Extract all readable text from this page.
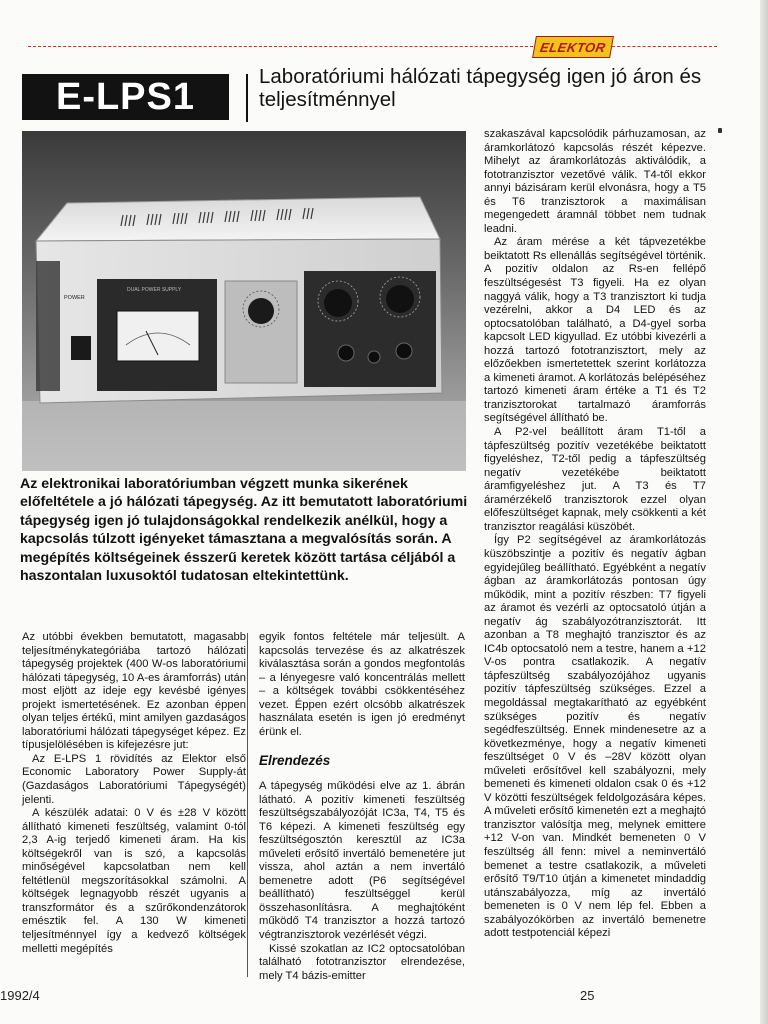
ELEKTOR
E-LPS1	Laboratóriumi hálózati tápegység igen jó áron és teljesítménnyel
POWER
DUAL POWER SUPPLY

Az elektronikai laboratóriumban végzett munka sikerének előfeltétele a jó hálózati tápegység. Az itt bemutatott laboratóriumi tápegység igen jó tulajdonságokkal rendelkezik anélkül, hogy a kapcsolás túlzott igényeket támasztana a megvalósítás során. A megépítés költségeinek ésszerű keretek között tartása céljából a haszontalan luxusoktól tudatosan eltekintettünk.

Az utóbbi években bemutatott, magasabb teljesítménykategóriába tartozó hálózati tápegység projektek (400 W-os laboratóriumi hálózati tápegység, 10 A-es áramforrás) után most eljött az ideje egy kevésbé igényes projekt ismertetésének. Ez azonban éppen olyan teljes értékű, mint amilyen gazdaságos laboratóriumi hálózati tápegységet képez. Ez típusjelölésében is kifejezésre jut:

Az E-LPS 1 rövidítés az Elektor első Economic Laboratory Power Supply-át (Gazdaságos Laboratóriumi Tápegységét) jelenti.

A készülék adatai: 0 V és ±28 V között állítható kimeneti feszültség, valamint 0-tól 2,3 A-ig terjedő kimeneti áram. Ha kis költségekről van is szó, a kapcsolás minőségével kapcsolatban nem kell feltétlenül megszorításokkal számolni. A költségek legnagyobb részét ugyanis a transzformátor és a szűrőkondenzátorok emésztik fel. A 130 W kimeneti teljesítménnyel így a kedvező költségek melletti megépítés

egyik fontos feltétele már teljesült. A kapcsolás tervezése és az alkatrészek kiválasztása során a gondos megfontolás – a lényegesre való koncentrálás mellett – a költségek további csökkentéséhez vezet. Éppen ezért olcsóbb alkatrészek használata esetén is igen jó eredményt érünk el.

Elrendezés

A tápegység működési elve az 1. ábrán látható. A pozitív kimeneti feszültség feszültségszabályozóját IC3a, T4, T5 és T6 képezi. A kimeneti feszültség egy feszültségosztón keresztül az IC3a műveleti erősítő invertáló bemenetére jut vissza, ahol aztán a nem invertáló bemenetre adott (P6 segítségével beállítható) feszültséggel kerül összehasonlításra. A meghajtóként működő T4 tranzisztor a hozzá tartozó végtranzisztorok vezérlését végzi.

Kissé szokatlan az IC2 optocsatolóban található fototranzisztor elrendezése, mely T4 bázis-emitter

szakaszával kapcsolódik párhuzamosan, az áramkorlátozó kapcsolás részét képezve. Mihelyt az áramkorlátozás aktiválódik, a fototranzisztor vezetővé válik. T4-től ekkor annyi bázisáram kerül elvonásra, hogy a T5 és T6 tranzisztorok a maximálisan megengedett áramnál többet nem tudnak leadni.

Az áram mérése a két tápvezetékbe beiktatott Rs ellenállás segítségével történik. A pozitív oldalon az Rs-en fellépő feszültségesést T3 figyeli. Ha ez olyan naggyá válik, hogy a T3 tranzisztort ki tudja vezérelni, akkor a D4 LED és az optocsatolóban található, a D4-gyel sorba kapcsolt LED kigyullad. Ez utóbbi kivezérli a hozzá tartozó fototranzisztort, mely az előzőekben ismertetettek szerint korlátozza a kimeneti áramot. A korlátozás belépéséhez tartozó kimeneti áram értéke a T1 és T2 tranzisztorokat tartalmazó áramforrás segítségével állítható be.

A P2-vel beállított áram T1-től a tápfeszültség pozitív vezetékébe beiktatott figyeléshez, T2-től pedig a tápfeszültség negatív vezetékébe beiktatott áramfigyeléshez jut. A T3 és T7 áramérzékelő tranzisztorok ezzel olyan előfeszültséget kapnak, mely csökkenti a két tranzisztor reagálási küszöbét.

Így P2 segítségével az áramkorlátozás küszöbszintje a pozitív és negatív ágban egyidejűleg beállítható. Egyébként a negatív ágban az áramkorlátozás pontosan úgy működik, mint a pozitív részben: T7 figyeli az áramot és vezérli az optocsatoló útján a negatív ág szabályozótranzisztorát. Itt azonban a T8 meghajtó tranzisztor és az IC4b optocsatoló nem a testre, hanem a +12 V-os pontra csatlakozik. A negatív tápfeszültség szabályozójához ugyanis pozitív tápfeszültség szükséges. Ezzel a megoldással megtakarítható az egyébként szükséges pozitív és negatív segédfeszültség. Ennek mindenesetre az a következménye, hogy a negatív kimeneti feszültséget 0 V és –28V között olyan műveleti erősítővel kell szabályozni, mely bemeneti és kimeneti oldalon csak 0 és +12 V közötti feszültségek feldolgozására képes. A műveleti erősítő kimenetén ezt a meghajtó tranzisztor valósítja meg, melynek emittere +12 V-on van. Mindkét bemeneten 0 V feszültség áll fenn: mivel a neminvertáló bemenet a testre csatlakozik, a műveleti erősítő T9/T10 útján a kimenetet mindaddig utánszabályozza, míg az invertáló bemeneten is 0 V nem lép fel. Ebben a szabályozókörben az invertáló bemenetre adott testpotenciál képezi

1992/4	25
